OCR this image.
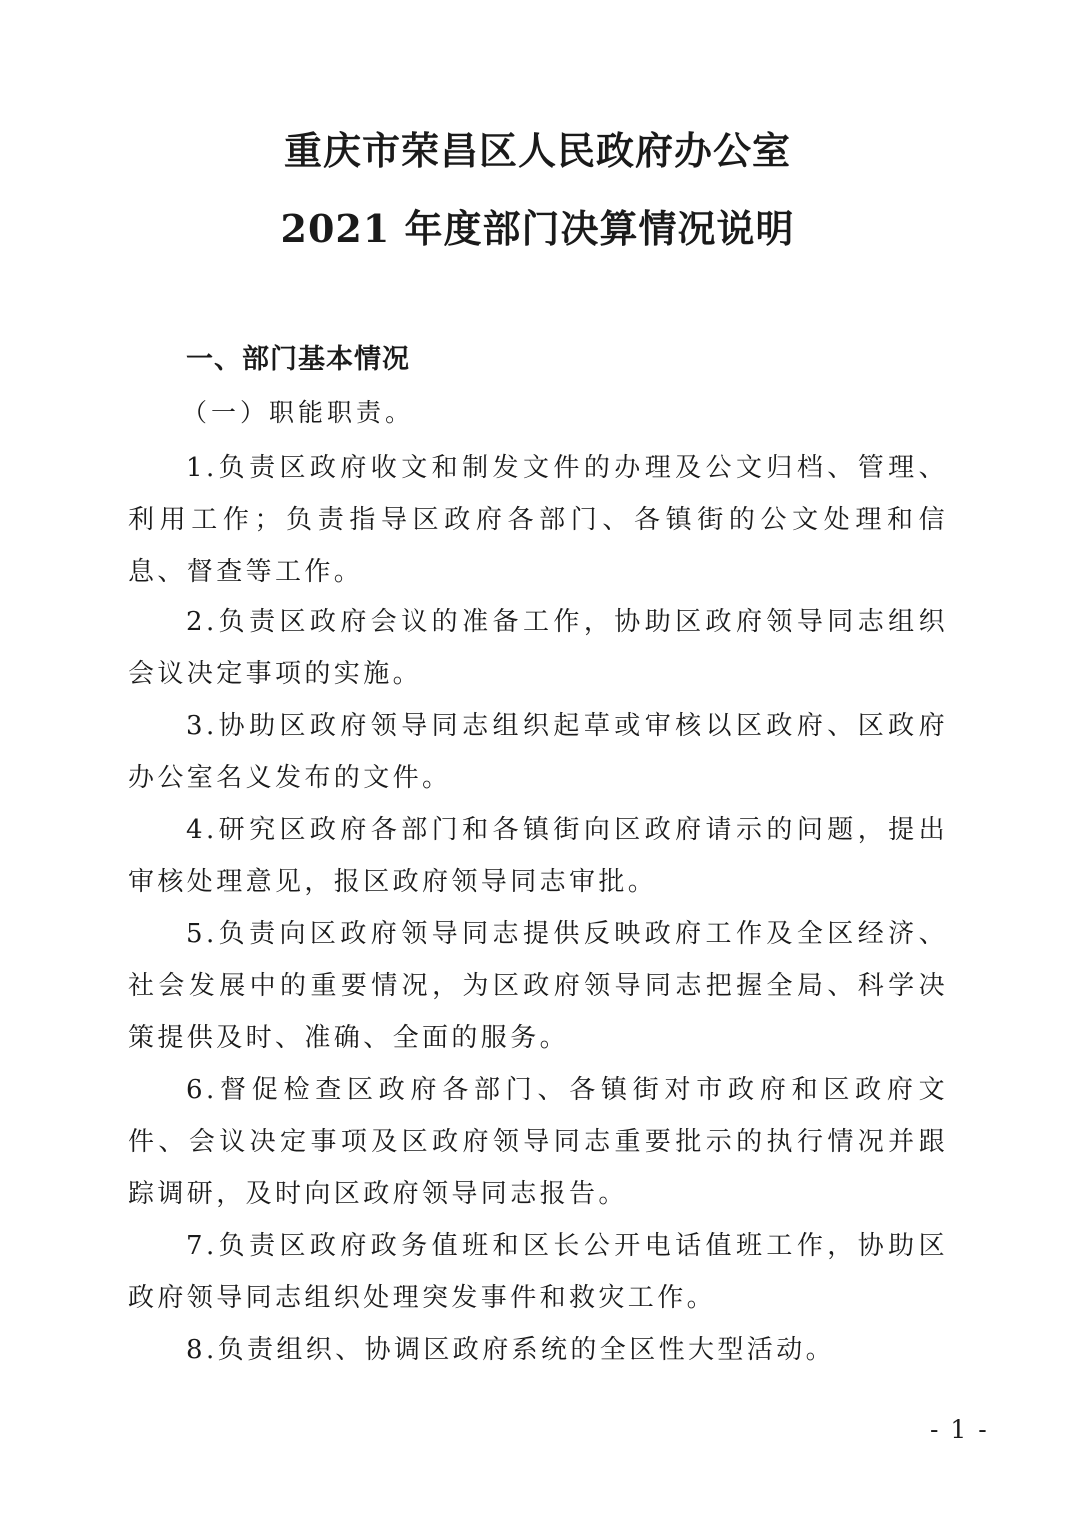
重庆市荣昌区人民政府办公室
2021 年度部门决算情况说明
一、部门基本情况
（一）职能职责。
1.负责区政府收文和制发文件的办理及公文归档、管理、利用工作；负责指导区政府各部门、各镇街的公文处理和信息、督查等工作。
2.负责区政府会议的准备工作，协助区政府领导同志组织会议决定事项的实施。
3.协助区政府领导同志组织起草或审核以区政府、区政府办公室名义发布的文件。
4.研究区政府各部门和各镇街向区政府请示的问题，提出审核处理意见，报区政府领导同志审批。
5.负责向区政府领导同志提供反映政府工作及全区经济、社会发展中的重要情况，为区政府领导同志把握全局、科学决策提供及时、准确、全面的服务。
6.督促检查区政府各部门、各镇街对市政府和区政府文件、会议决定事项及区政府领导同志重要批示的执行情况并跟踪调研，及时向区政府领导同志报告。
7.负责区政府政务值班和区长公开电话值班工作，协助区政府领导同志组织处理突发事件和救灾工作。
8.负责组织、协调区政府系统的全区性大型活动。
- 1 -
